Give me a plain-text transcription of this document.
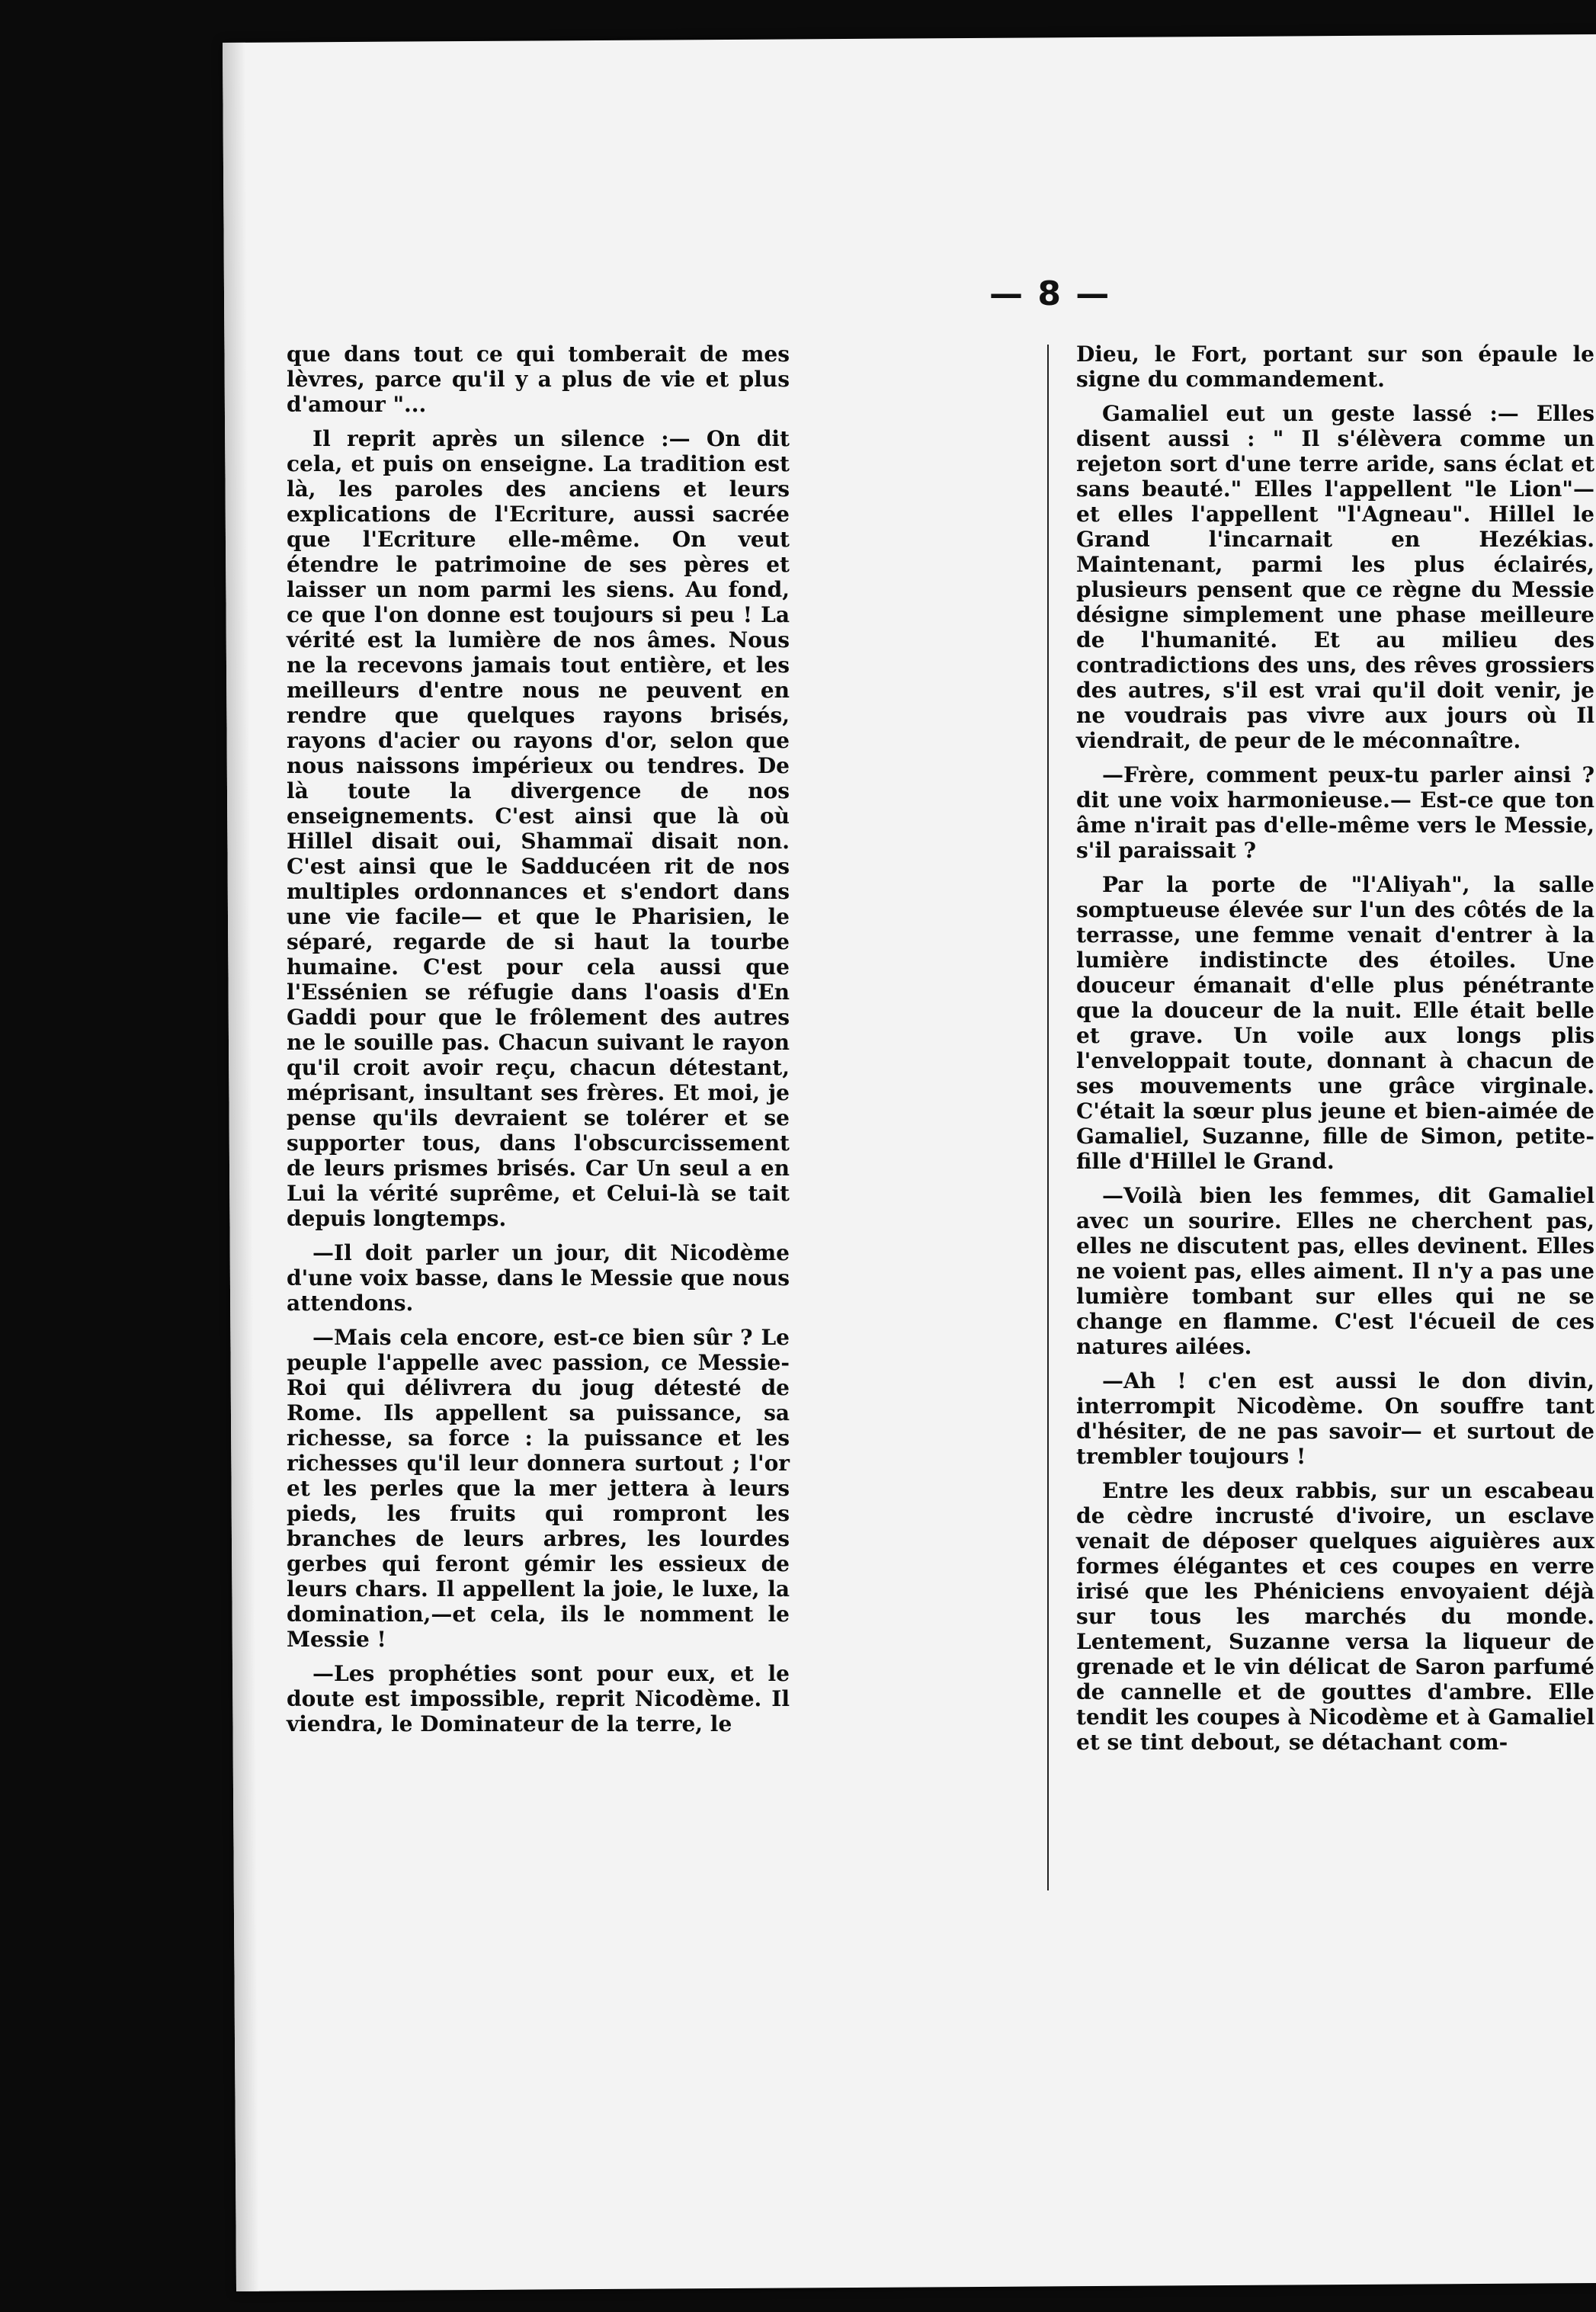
— 8 —

que dans tout ce qui tomberait de mes lèvres, parce qu'il y a plus de vie et plus d'amour "...

Il reprit après un silence :— On dit cela, et puis on enseigne. La tradition est là, les paroles des anciens et leurs explications de l'Ecriture, aussi sacrée que l'Ecriture elle-même. On veut étendre le patrimoine de ses pères et laisser un nom parmi les siens. Au fond, ce que l'on donne est toujours si peu ! La vérité est la lumière de nos âmes. Nous ne la recevons jamais tout entière, et les meilleurs d'entre nous ne peuvent en rendre que quelques rayons brisés, rayons d'acier ou rayons d'or, selon que nous naissons impérieux ou tendres. De là toute la divergence de nos enseignements. C'est ainsi que là où Hillel disait oui, Shammaï disait non. C'est ainsi que le Sadducéen rit de nos multiples ordonnances et s'endort dans une vie facile— et que le Pharisien, le séparé, regarde de si haut la tourbe humaine. C'est pour cela aussi que l'Essénien se réfugie dans l'oasis d'En Gaddi pour que le frôlement des autres ne le souille pas. Chacun suivant le rayon qu'il croit avoir reçu, chacun détestant, méprisant, insultant ses frères. Et moi, je pense qu'ils devraient se tolérer et se supporter tous, dans l'obscurcissement de leurs prismes brisés. Car Un seul a en Lui la vérité suprême, et Celui-là se tait depuis longtemps.

—Il doit parler un jour, dit Nicodème d'une voix basse, dans le Messie que nous attendons.

—Mais cela encore, est-ce bien sûr ? Le peuple l'appelle avec passion, ce Messie-Roi qui délivrera du joug détesté de Rome. Ils appellent sa puissance, sa richesse, sa force : la puissance et les richesses qu'il leur donnera surtout ; l'or et les perles que la mer jettera à leurs pieds, les fruits qui rompront les branches de leurs arbres, les lourdes gerbes qui feront gémir les essieux de leurs chars. Il appellent la joie, le luxe, la domination,—et cela, ils le nomment le Messie !

—Les prophéties sont pour eux, et le doute est impossible, reprit Nicodème. Il viendra, le Dominateur de la terre, le

Dieu, le Fort, portant sur son épaule le signe du commandement.

Gamaliel eut un geste lassé :— Elles disent aussi : " Il s'élèvera comme un rejeton sort d'une terre aride, sans éclat et sans beauté." Elles l'appellent "le Lion"— et elles l'appellent "l'Agneau". Hillel le Grand l'incarnait en Hezékias. Maintenant, parmi les plus éclairés, plusieurs pensent que ce règne du Messie désigne simplement une phase meilleure de l'humanité. Et au milieu des contradictions des uns, des rêves grossiers des autres, s'il est vrai qu'il doit venir, je ne voudrais pas vivre aux jours où Il viendrait, de peur de le méconnaître.

—Frère, comment peux-tu parler ainsi ? dit une voix harmonieuse.— Est-ce que ton âme n'irait pas d'elle-même vers le Messie, s'il paraissait ?

Par la porte de "l'Aliyah", la salle somptueuse élevée sur l'un des côtés de la terrasse, une femme venait d'entrer à la lumière indistincte des étoiles. Une douceur émanait d'elle plus pénétrante que la douceur de la nuit. Elle était belle et grave. Un voile aux longs plis l'enveloppait toute, donnant à chacun de ses mouvements une grâce virginale. C'était la sœur plus jeune et bien-aimée de Gamaliel, Suzanne, fille de Simon, petite-fille d'Hillel le Grand.

—Voilà bien les femmes, dit Gamaliel avec un sourire. Elles ne cherchent pas, elles ne discutent pas, elles devinent. Elles ne voient pas, elles aiment. Il n'y a pas une lumière tombant sur elles qui ne se change en flamme. C'est l'écueil de ces natures ailées.

—Ah ! c'en est aussi le don divin, interrompit Nicodème. On souffre tant d'hésiter, de ne pas savoir— et surtout de trembler toujours !

Entre les deux rabbis, sur un escabeau de cèdre incrusté d'ivoire, un esclave venait de déposer quelques aiguières aux formes élégantes et ces coupes en verre irisé que les Phéniciens envoyaient déjà sur tous les marchés du monde. Lentement, Suzanne versa la liqueur de grenade et le vin délicat de Saron parfumé de cannelle et de gouttes d'ambre. Elle tendit les coupes à Nicodème et à Gamaliel et se tint debout, se détachant com-
